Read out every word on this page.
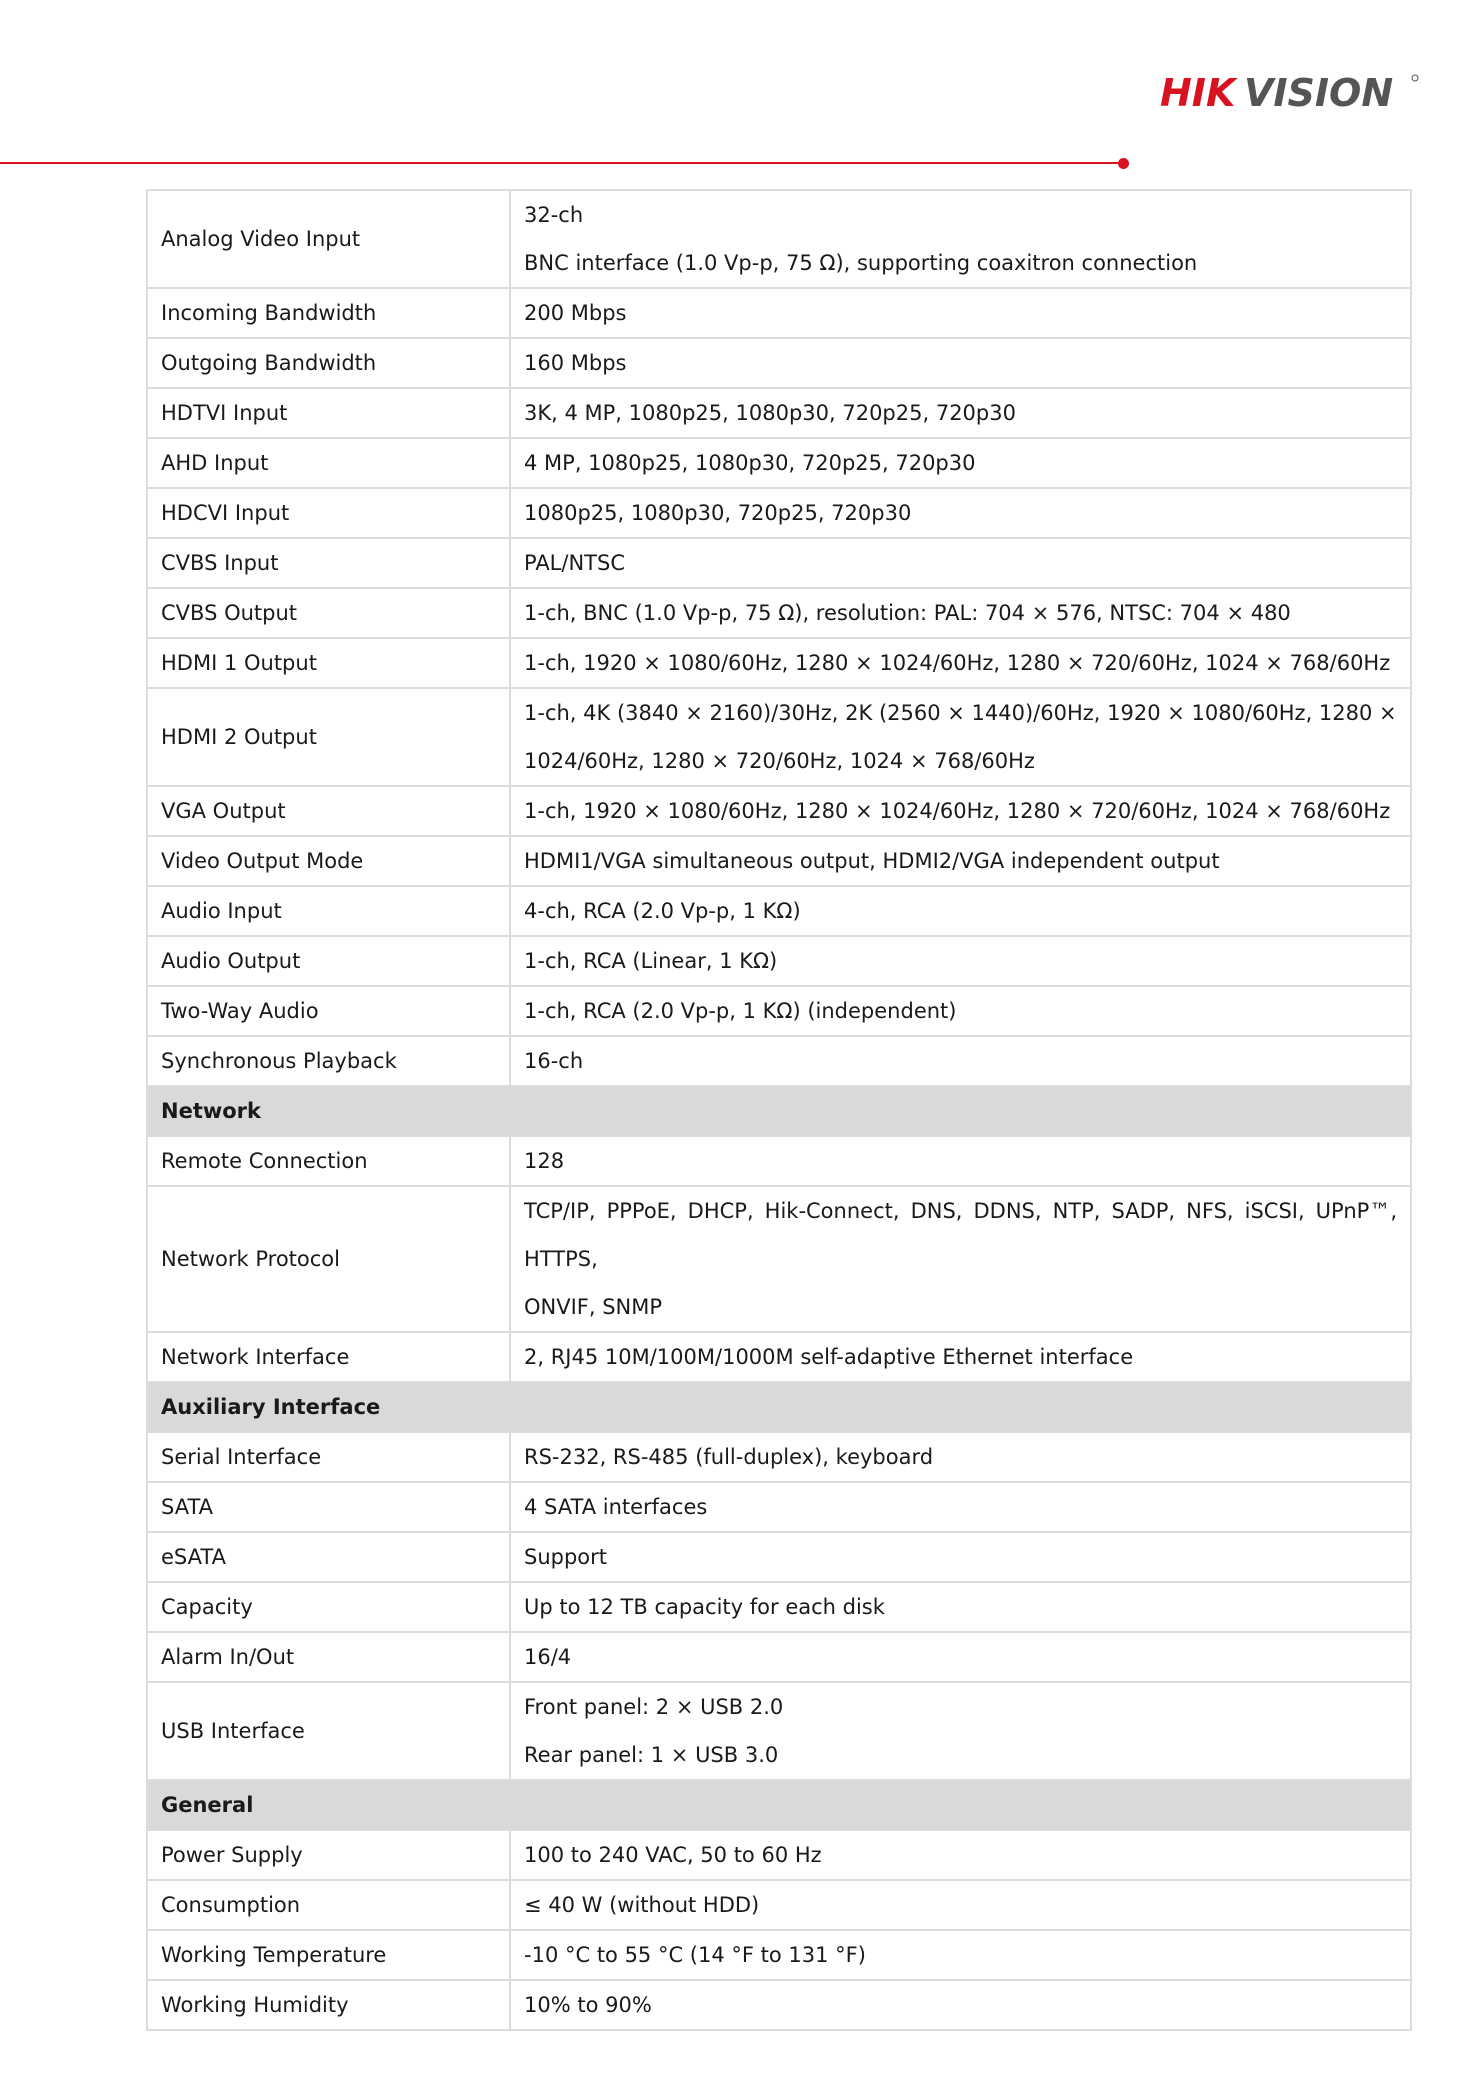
HIK VISION
Analog Video Input	32-ch
BNC interface (1.0 Vp-p, 75 Ω), supporting coaxitron connection

Incoming Bandwidth	200 Mbps

Outgoing Bandwidth	160 Mbps

HDTVI Input	3K, 4 MP, 1080p25, 1080p30, 720p25, 720p30

AHD Input	4 MP, 1080p25, 1080p30, 720p25, 720p30

HDCVI Input	1080p25, 1080p30, 720p25, 720p30

CVBS Input	PAL/NTSC

CVBS Output	1-ch, BNC (1.0 Vp-p, 75 Ω), resolution: PAL: 704 × 576, NTSC: 704 × 480

HDMI 1 Output	1-ch, 1920 × 1080/60Hz, 1280 × 1024/60Hz, 1280 × 720/60Hz, 1024 × 768/60Hz

HDMI 2 Output	1-ch, 4K (3840 × 2160)/30Hz, 2K (2560 × 1440)/60Hz, 1920 × 1080/60Hz, 1280 ×
1024/60Hz, 1280 × 720/60Hz, 1024 × 768/60Hz

VGA Output	1-ch, 1920 × 1080/60Hz, 1280 × 1024/60Hz, 1280 × 720/60Hz, 1024 × 768/60Hz

Video Output Mode	HDMI1/VGA simultaneous output, HDMI2/VGA independent output

Audio Input	4-ch, RCA (2.0 Vp-p, 1 KΩ)

Audio Output	1-ch, RCA (Linear, 1 KΩ)

Two-Way Audio	1-ch, RCA (2.0 Vp-p, 1 KΩ) (independent)

Synchronous Playback	16-ch

Network	
Remote Connection	128

Network Protocol	TCP/IP, PPPoE, DHCP, Hik-Connect, DNS, DDNS, NTP, SADP, NFS, iSCSI, UPnP™, HTTPS,
ONVIF, SNMP

Network Interface	2, RJ45 10M/100M/1000M self-adaptive Ethernet interface

Auxiliary Interface	
Serial Interface	RS-232, RS-485 (full-duplex), keyboard

SATA	4 SATA interfaces

eSATA	Support

Capacity	Up to 12 TB capacity for each disk

Alarm In/Out	16/4

USB Interface	Front panel: 2 × USB 2.0
Rear panel: 1 × USB 3.0

General	
Power Supply	100 to 240 VAC, 50 to 60 Hz

Consumption	≤ 40 W (without HDD)

Working Temperature	-10 °C to 55 °C (14 °F to 131 °F)

Working Humidity	10% to 90%
